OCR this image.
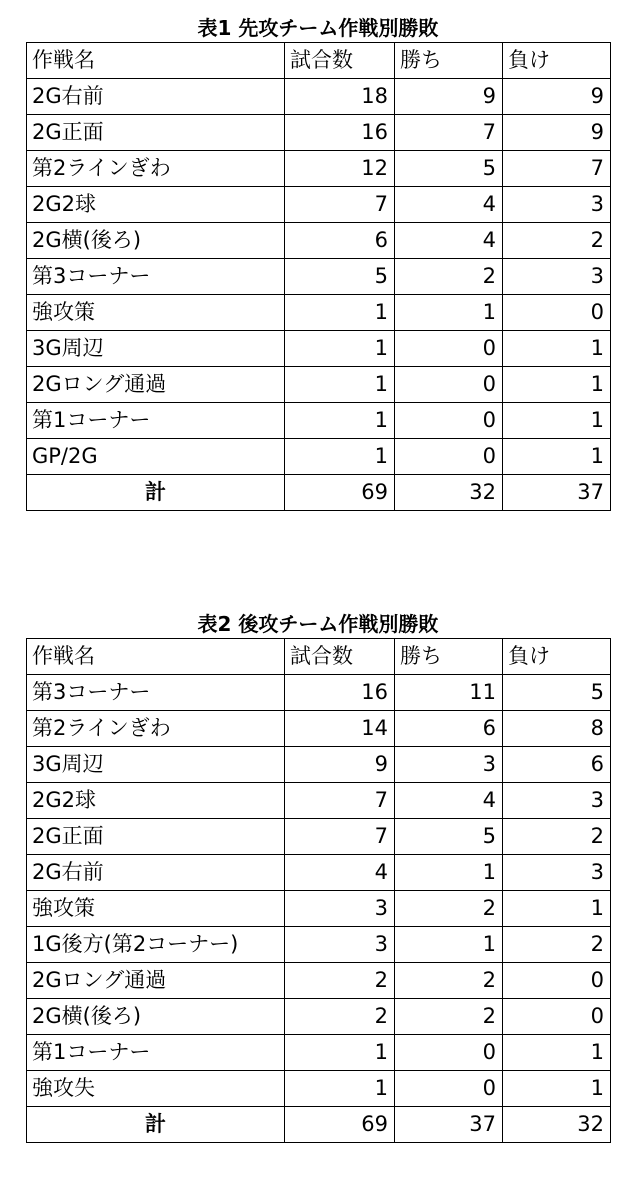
表1 先攻チーム作戦別勝敗
作戦名	試合数	勝ち	負け
2G右前	18	9	9
2G正面	16	7	9
第2ラインぎわ	12	5	7
2G2球	7	4	3
2G横(後ろ)	6	4	2
第3コーナー	5	2	3
強攻策	1	1	0
3G周辺	1	0	1
2Gロング通過	1	0	1
第1コーナー	1	0	1
GP/2G	1	0	1
計	69	32	37
表2 後攻チーム作戦別勝敗
作戦名	試合数	勝ち	負け
第3コーナー	16	11	5
第2ラインぎわ	14	6	8
3G周辺	9	3	6
2G2球	7	4	3
2G正面	7	5	2
2G右前	4	1	3
強攻策	3	2	1
1G後方(第2コーナー)	3	1	2
2Gロング通過	2	2	0
2G横(後ろ)	2	2	0
第1コーナー	1	0	1
強攻失	1	0	1
計	69	37	32
